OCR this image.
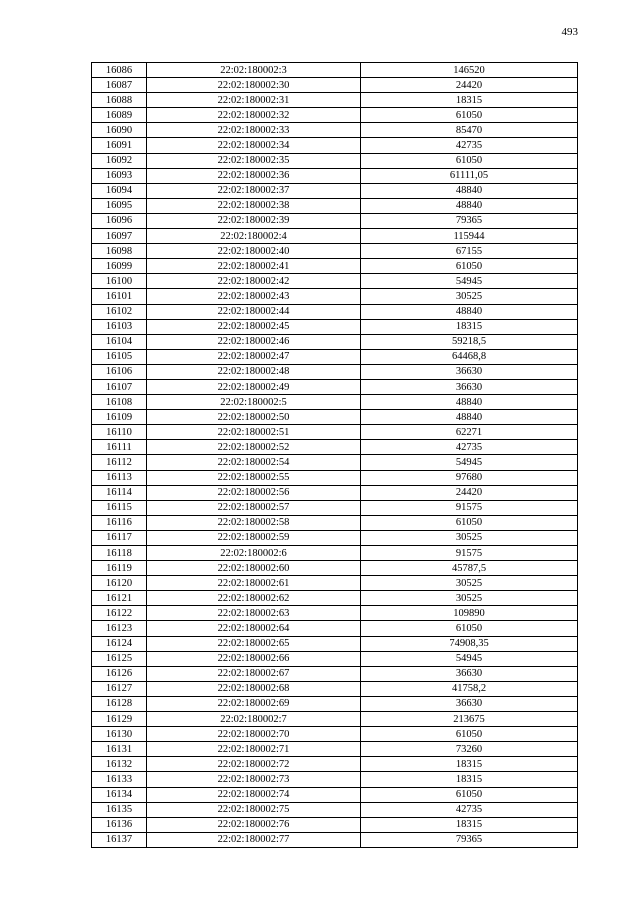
493
16086	22:02:180002:3	146520
16087	22:02:180002:30	24420
16088	22:02:180002:31	18315
16089	22:02:180002:32	61050
16090	22:02:180002:33	85470
16091	22:02:180002:34	42735
16092	22:02:180002:35	61050
16093	22:02:180002:36	61111,05
16094	22:02:180002:37	48840
16095	22:02:180002:38	48840
16096	22:02:180002:39	79365
16097	22:02:180002:4	115944
16098	22:02:180002:40	67155
16099	22:02:180002:41	61050
16100	22:02:180002:42	54945
16101	22:02:180002:43	30525
16102	22:02:180002:44	48840
16103	22:02:180002:45	18315
16104	22:02:180002:46	59218,5
16105	22:02:180002:47	64468,8
16106	22:02:180002:48	36630
16107	22:02:180002:49	36630
16108	22:02:180002:5	48840
16109	22:02:180002:50	48840
16110	22:02:180002:51	62271
16111	22:02:180002:52	42735
16112	22:02:180002:54	54945
16113	22:02:180002:55	97680
16114	22:02:180002:56	24420
16115	22:02:180002:57	91575
16116	22:02:180002:58	61050
16117	22:02:180002:59	30525
16118	22:02:180002:6	91575
16119	22:02:180002:60	45787,5
16120	22:02:180002:61	30525
16121	22:02:180002:62	30525
16122	22:02:180002:63	109890
16123	22:02:180002:64	61050
16124	22:02:180002:65	74908,35
16125	22:02:180002:66	54945
16126	22:02:180002:67	36630
16127	22:02:180002:68	41758,2
16128	22:02:180002:69	36630
16129	22:02:180002:7	213675
16130	22:02:180002:70	61050
16131	22:02:180002:71	73260
16132	22:02:180002:72	18315
16133	22:02:180002:73	18315
16134	22:02:180002:74	61050
16135	22:02:180002:75	42735
16136	22:02:180002:76	18315
16137	22:02:180002:77	79365
